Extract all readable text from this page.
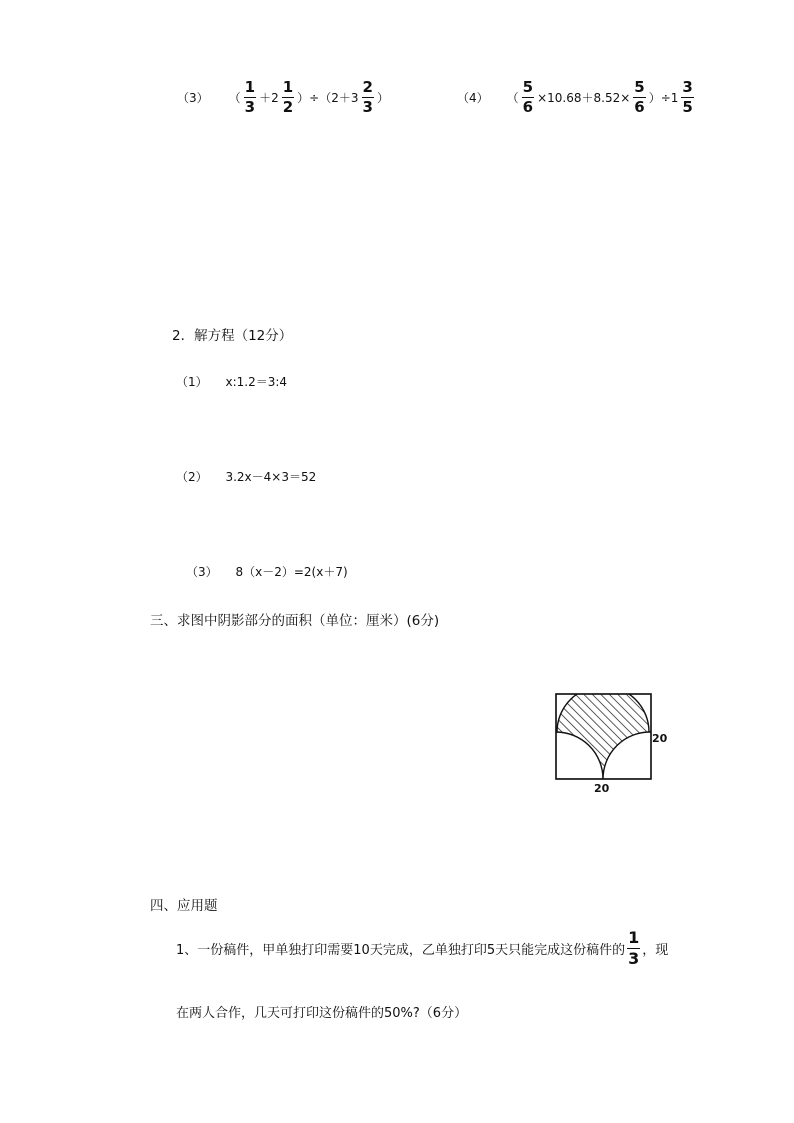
（3） （ $\frac{1}{3} +2 \frac{1}{2} )\div(2+3 \frac{2}{3}$ ）	（4） （ $\frac{5}{6} \times 10.68+8.52\times \frac{5}{6} )\div 1 \frac{3}{5}$
2．解方程（12分）
（1） x:1.2＝3:4
（2） 3.2x－4×3＝52
（3） 8（x－2）=2(x＋7)
三、求图中阴影部分的面积（单位：厘米）(6分)
20
20
四、应用题
1、一份稿件，甲单独打印需要10天完成，乙单独打印5天只能完成这份稿件的 $\frac{1}{3}$ ，现
在两人合作，几天可打印这份稿件的50%?（6分）
